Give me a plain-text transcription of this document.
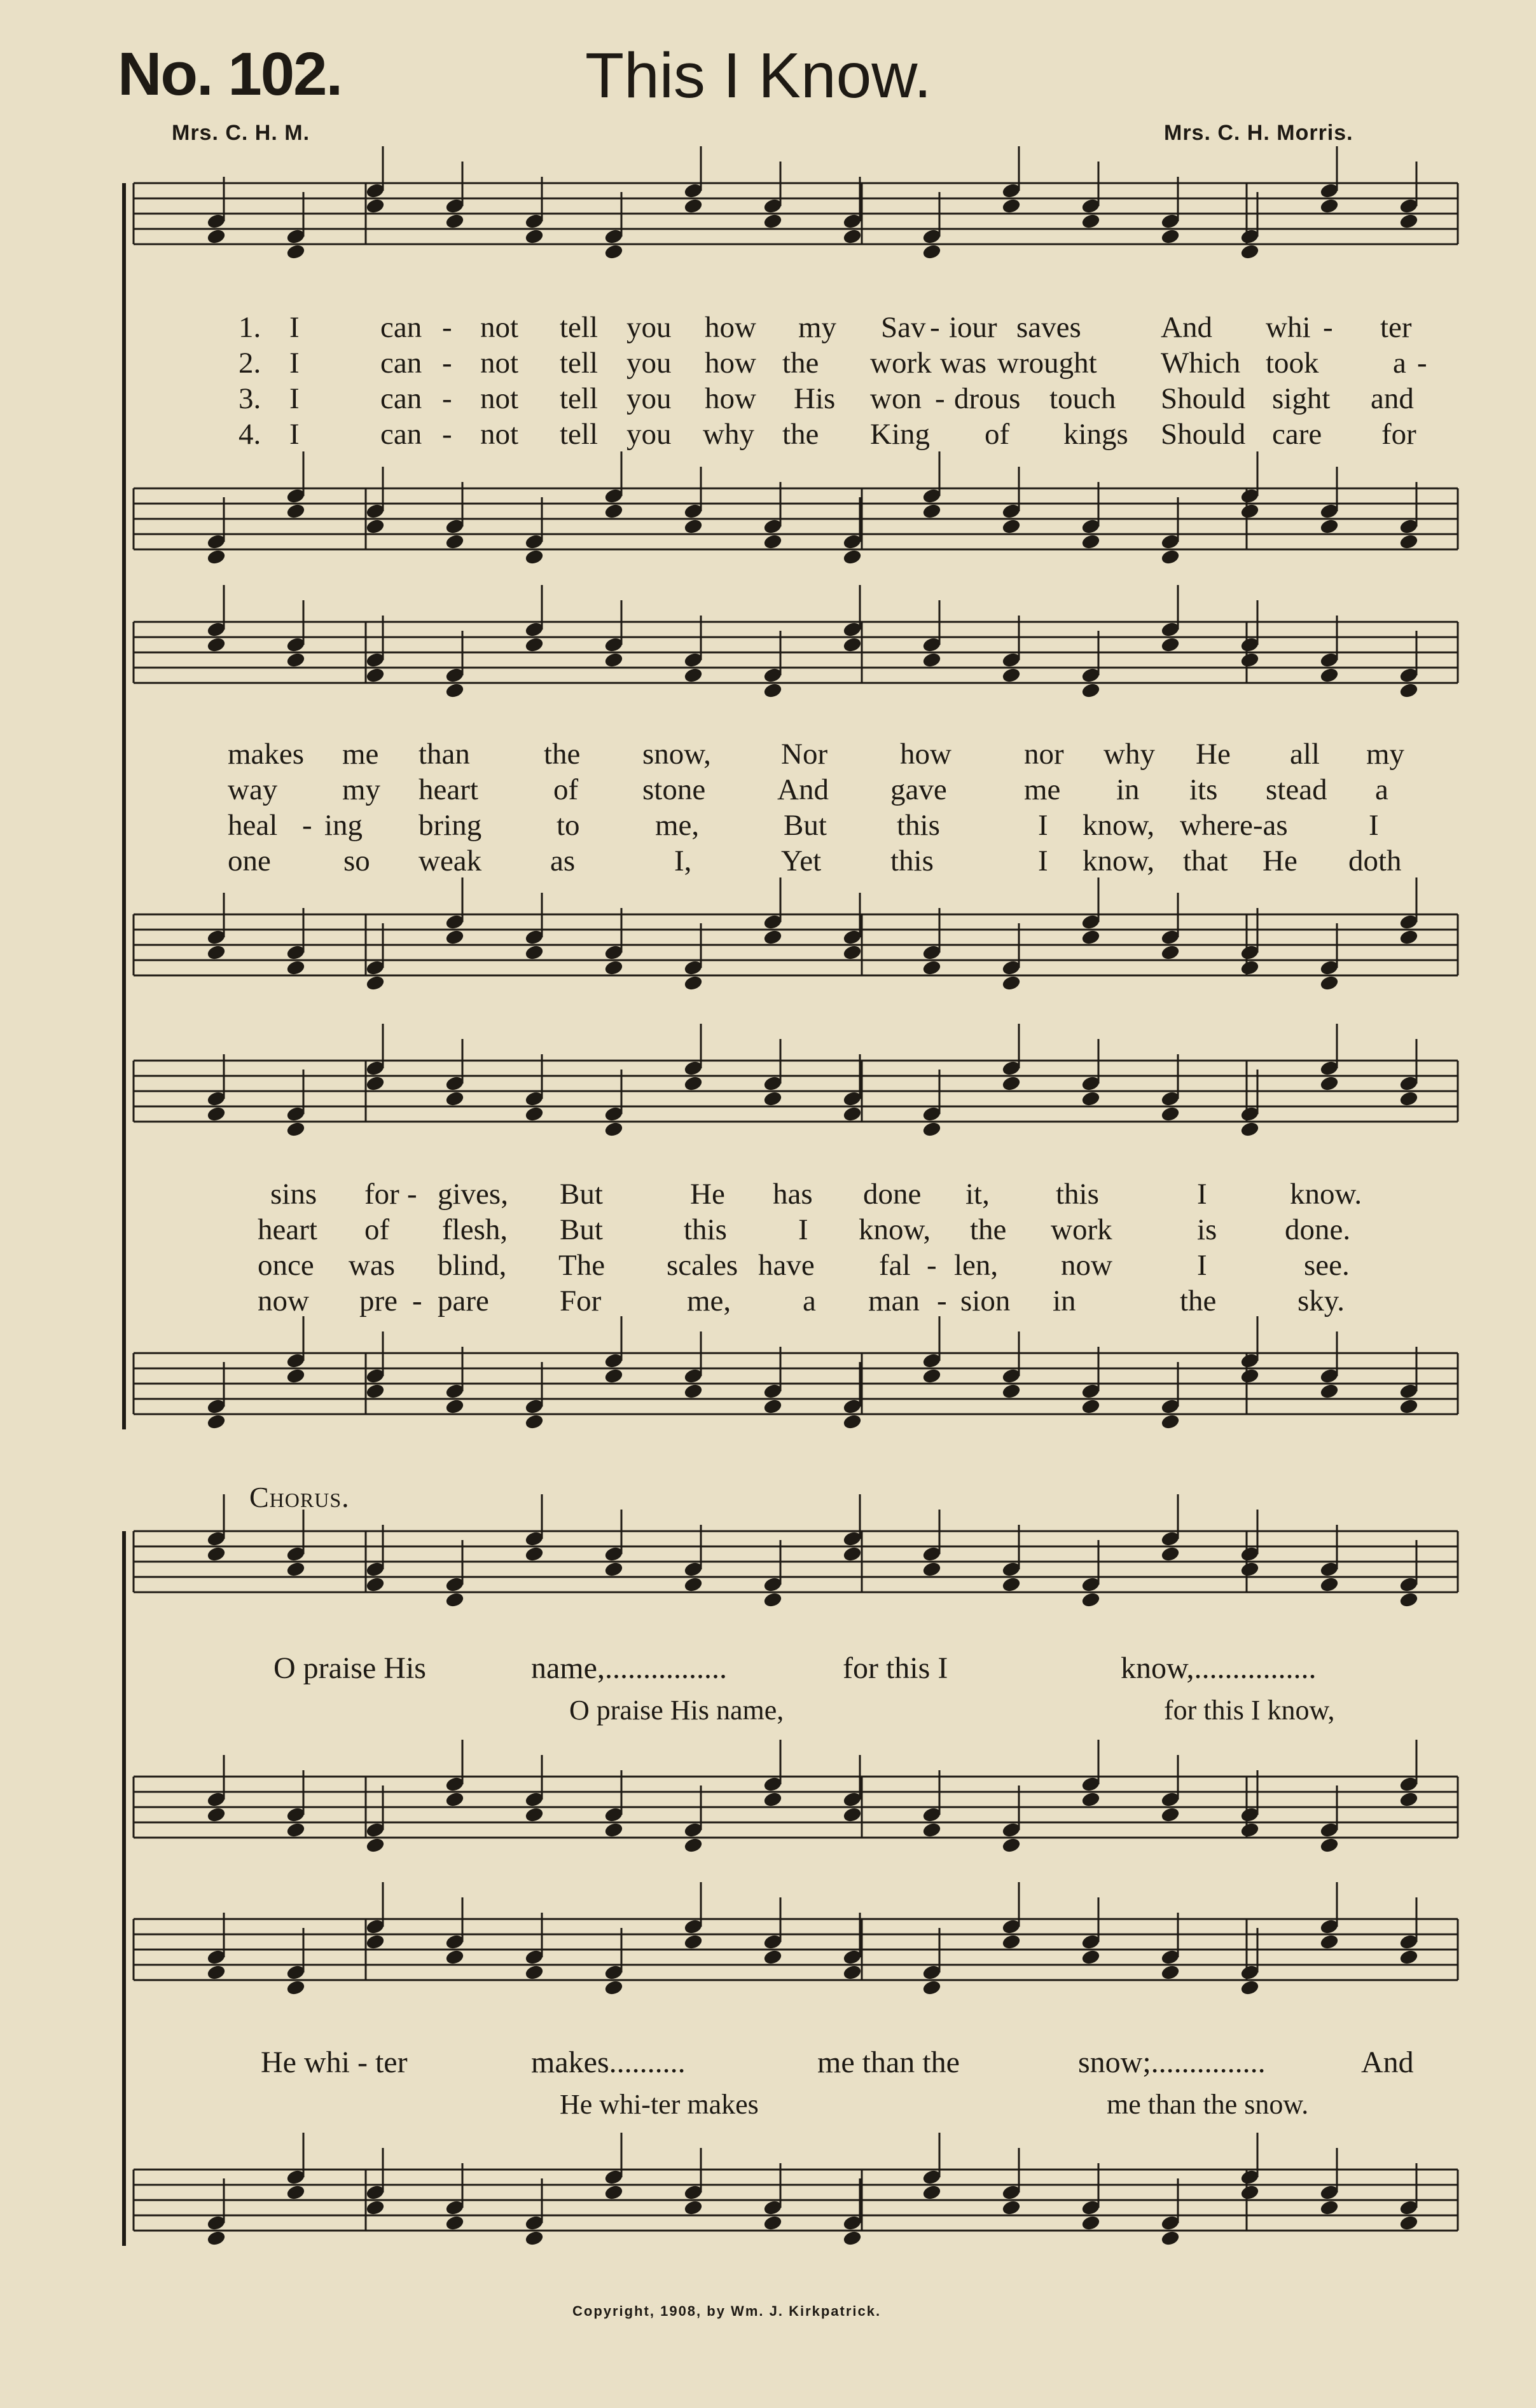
No. 102.	This I Know.
Mrs. C. H. M.	Mrs. C. H. Morris.
1. I	can - not tell you how my Sav - iour saves	And whi - ter
2. I	can - not tell you how the work was wrought Which took a -
3. I	can - not tell you how His won - drous touch Should sight and
4. I	can - not tell you why the King of kings Should care for
makes me than the snow, Nor how nor why He all my
way my heart	of stone And gave	me in its stead a
heal - ing bring	to	me,	But this	I know, where-as	I
one so weak as	I,	Yet this	I know, that He doth
sins for - gives, But	He has done it, this	I	know.
heart of flesh, But	this I know, the work	is done.
once was blind, The scales have fal - len, now	I	see.
now pre - pare For	me, a man - sion in	the	sky.
Chorus.
O praise His	name,................	for this I	know,................
O praise His name,	for this I know,
He whi - ter	makes..........	me than the	snow;...............	And
He whi-ter makes	me than the snow.
Copyright, 1908, by Wm. J. Kirkpatrick.
